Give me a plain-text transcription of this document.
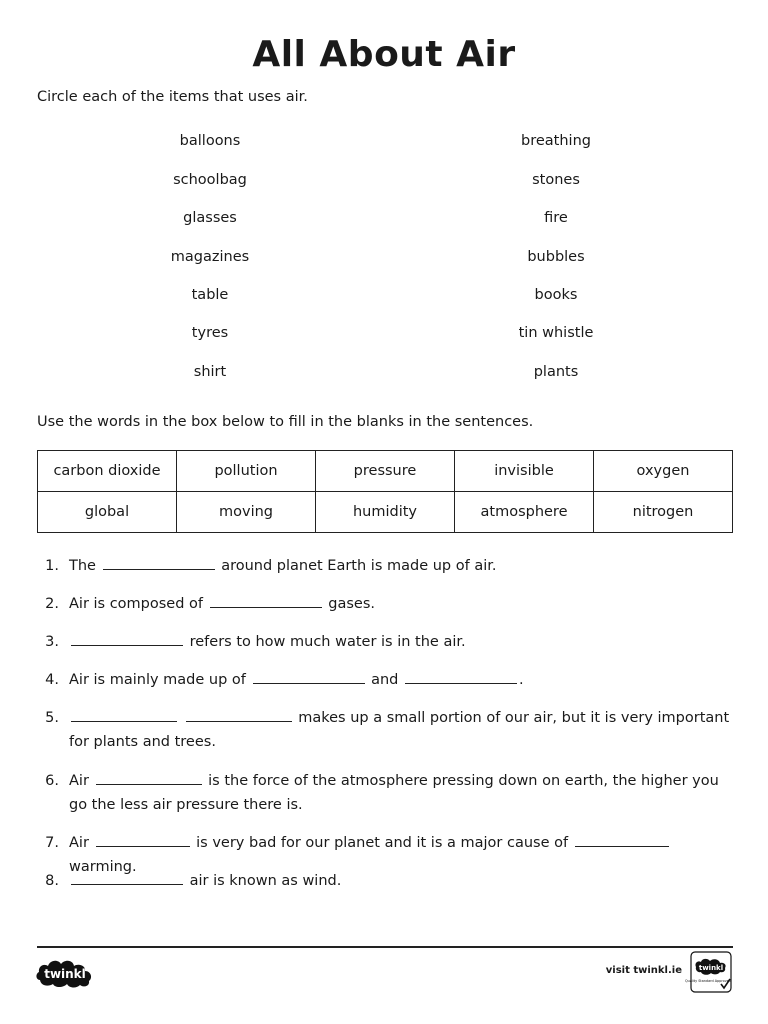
All About Air
Circle each of the items that uses air.
balloons
schoolbag
glasses
magazines
table
tyres
shirt
breathing
stones
fire
bubbles
books
tin whistle
plants
Use the words in the box below to fill in the blanks in the sentences.
carbon dioxide	pollution	pressure	invisible	oxygen
global	moving	humidity	atmosphere	nitrogen
1. The	around planet Earth is made up of air.
2. Air is composed of	gases.
3.	refers to how much water is in the air.
4. Air is mainly made up of	and	.
5.	makes up a small portion of our air, but it is very important for plants and trees.
6. Air	is the force of the atmosphere pressing down on earth, the higher you go the less air pressure there is.
7. Air	is very bad for our planet and it is a major cause of  warming.
8.	air is known as wind.
twinkl	visit twinkl.ie twinkl
Quality Standard Approved
